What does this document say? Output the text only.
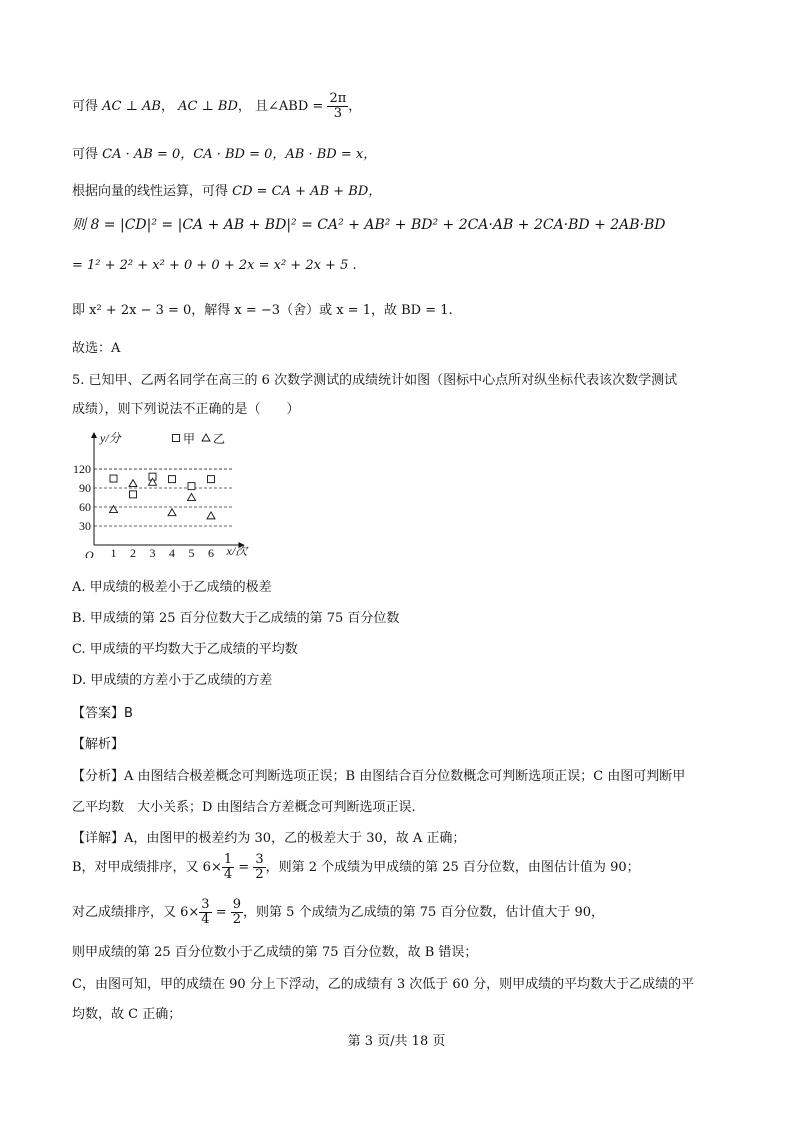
可得 AC ⊥ AB， AC ⊥ BD， 且∠ABD = $\frac{2\pi}{3}$ ，
可得 CA · AB = 0，CA · BD = 0，AB · BD = x，
根据向量的线性运算，可得 CD = CA + AB + BD，
则 8 = |CD|² = |CA + AB + BD|² = CA² + AB² + BD² + 2CA·AB + 2CA·BD + 2AB·BD
= 1² + 2² + x² + 0 + 0 + 2x = x² + 2x + 5 .
即 x² + 2x − 3 = 0，解得 x = −3（舍）或 x = 1，故 BD = 1.
故选：A
5. 已知甲、乙两名同学在高三的 6 次数学测试的成绩统计如图（图标中心点所对纵坐标代表该次数学测试
成绩），则下列说法不正确的是（　　）
O
y/分
x/次
1 2 3 4 5 6
30
60
90
120
甲 乙
A. 甲成绩的极差小于乙成绩的极差
B. 甲成绩的第 25 百分位数大于乙成绩的第 75 百分位数
C. 甲成绩的平均数大于乙成绩的平均数
D. 甲成绩的方差小于乙成绩的方差
【答案】B
【解析】
【分析】A 由图结合极差概念可判断选项正误；B 由图结合百分位数概念可判断选项正误；C 由图可判断甲
乙平均数　大小关系；D 由图结合方差概念可判断选项正误.
【详解】A，由图甲的极差约为 30，乙的极差大于 30，故 A 正确；
B，对甲成绩排序，又 $6\times \frac{1}{4} = \frac{3}{2}$ ，则第 2 个成绩为甲成绩的第 25 百分位数，由图估计值为 90；
对乙成绩排序，又 $6\times \frac{3}{4} = \frac{9}{2}$ ，则第 5 个成绩为乙成绩的第 75 百分位数，估计值大于 90，
则甲成绩的第 25 百分位数小于乙成绩的第 75 百分位数，故 B 错误；
C，由图可知，甲的成绩在 90 分上下浮动，乙的成绩有 3 次低于 60 分，则甲成绩的平均数大于乙成绩的平
均数，故 C 正确；
第 3 页/共 18 页
